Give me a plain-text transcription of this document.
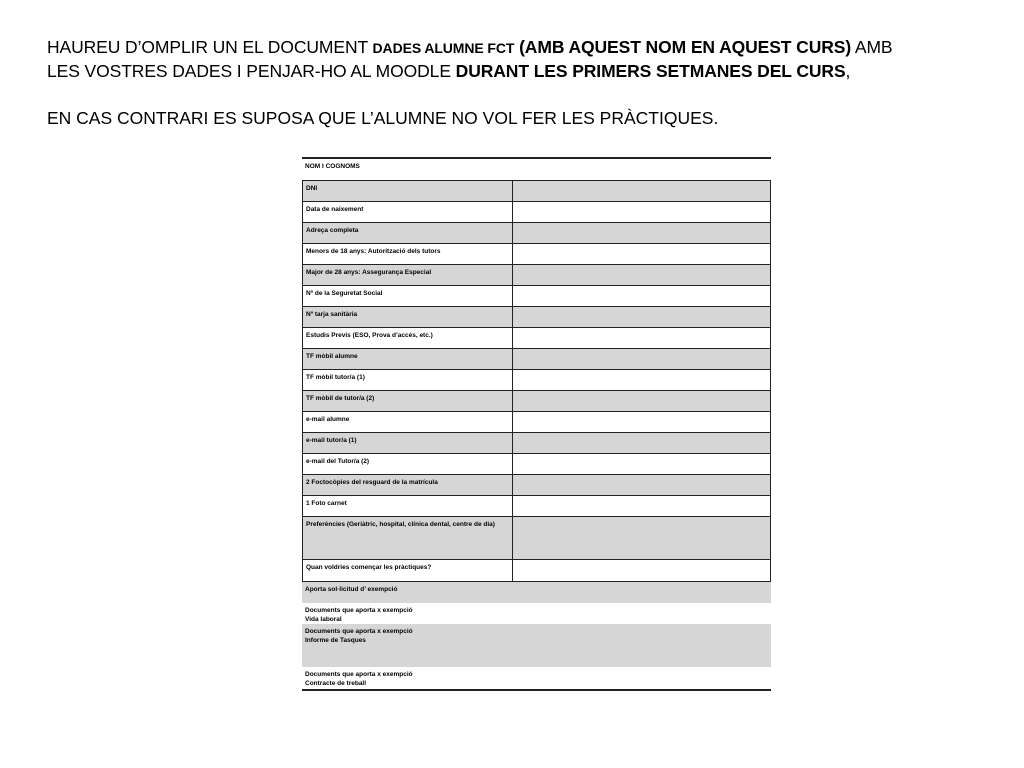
HAUREU D’OMPLIR UN EL DOCUMENT DADES ALUMNE FCT (AMB AQUEST NOM EN AQUEST CURS) AMB
LES VOSTRES DADES I PENJAR-HO AL MOODLE DURANT LES PRIMERS SETMANES DEL CURS,
EN CAS CONTRARI ES SUPOSA QUE L’ALUMNE NO VOL FER LES PRÀCTIQUES.
NOM I COGNOMS
DNI
Data de naixement
Adreça completa
Menors de 18 anys: Autorització dels tutors
Major de 28 anys: Assegurança Especial
Nº de la Seguretat Social
Nº tarja sanitària
Estudis Previs (ESO, Prova d’accés, etc.)
TF mòbil alumne
TF mòbil tutor/a (1)
TF mòbil de tutor/a (2)
e-mail alumne
e-mail tutor/a (1)
e-mail del Tutor/a (2)
2 Foctocòpies del resguard de la matrícula
1 Foto carnet
Preferències (Geriàtric, hospital, clínica dental, centre de dia)
Quan voldries començar les pràctiques?
Aporta sol·licitud d’ exempció
Documents que aporta x exempció
Vida laboral
Documents que aporta x exempció
Informe de Tasques
Documents que aporta x exempció
Contracte de treball
